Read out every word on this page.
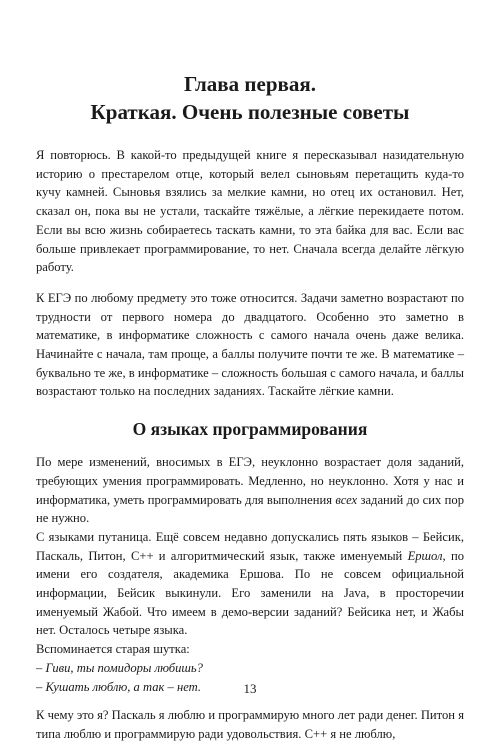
Глава первая.
Краткая. Очень полезные советы

Я повторюсь. В какой-то предыдущей книге я пересказывал назидательную историю о престарелом отце, который велел сыновьям перетащить куда-то кучу камней. Сыновья взялись за мелкие камни, но отец их остановил. Нет, сказал он, пока вы не устали, таскайте тяжёлые, а лёгкие перекидаете потом. Если вы всю жизнь собираетесь таскать камни, то эта байка для вас. Если вас больше привлекает программирование, то нет. Сначала всегда делайте лёгкую работу.

К ЕГЭ по любому предмету это тоже относится. Задачи заметно возрастают по трудности от первого номера до двадцатого. Особенно это заметно в математике, в информатике сложность с самого начала очень даже велика. Начинайте с начала, там проще, а баллы получите почти те же. В математике – буквально те же, в информатике – сложность большая с самого начала, и баллы возрастают только на последних заданиях. Таскайте лёгкие камни.

О языках программирования

По мере изменений, вносимых в ЕГЭ, неуклонно возрастает доля заданий, требующих умения программировать. Медленно, но неуклонно. Хотя у нас и информатика, уметь программировать для выполнения всех заданий до сих пор не нужно.

С языками путаница. Ещё совсем недавно допускались пять языков – Бейсик, Паскаль, Питон, С++ и алгоритмический язык, также именуемый Ершол, по имени его создателя, академика Ершова. По не совсем официальной информации, Бейсик выкинули. Его заменили на Java, в просторечии именуемый Жабой. Что имеем в демо-версии заданий? Бейсика нет, и Жабы нет. Осталось четыре языка.

Вспоминается старая шутка:

– Гиви, ты помидоры любишь?

– Кушать люблю, а так – нет.

К чему это я? Паскаль я люблю и программирую много лет ради денег. Питон я типа люблю и программирую ради удовольствия. С++ я не люблю,

13
